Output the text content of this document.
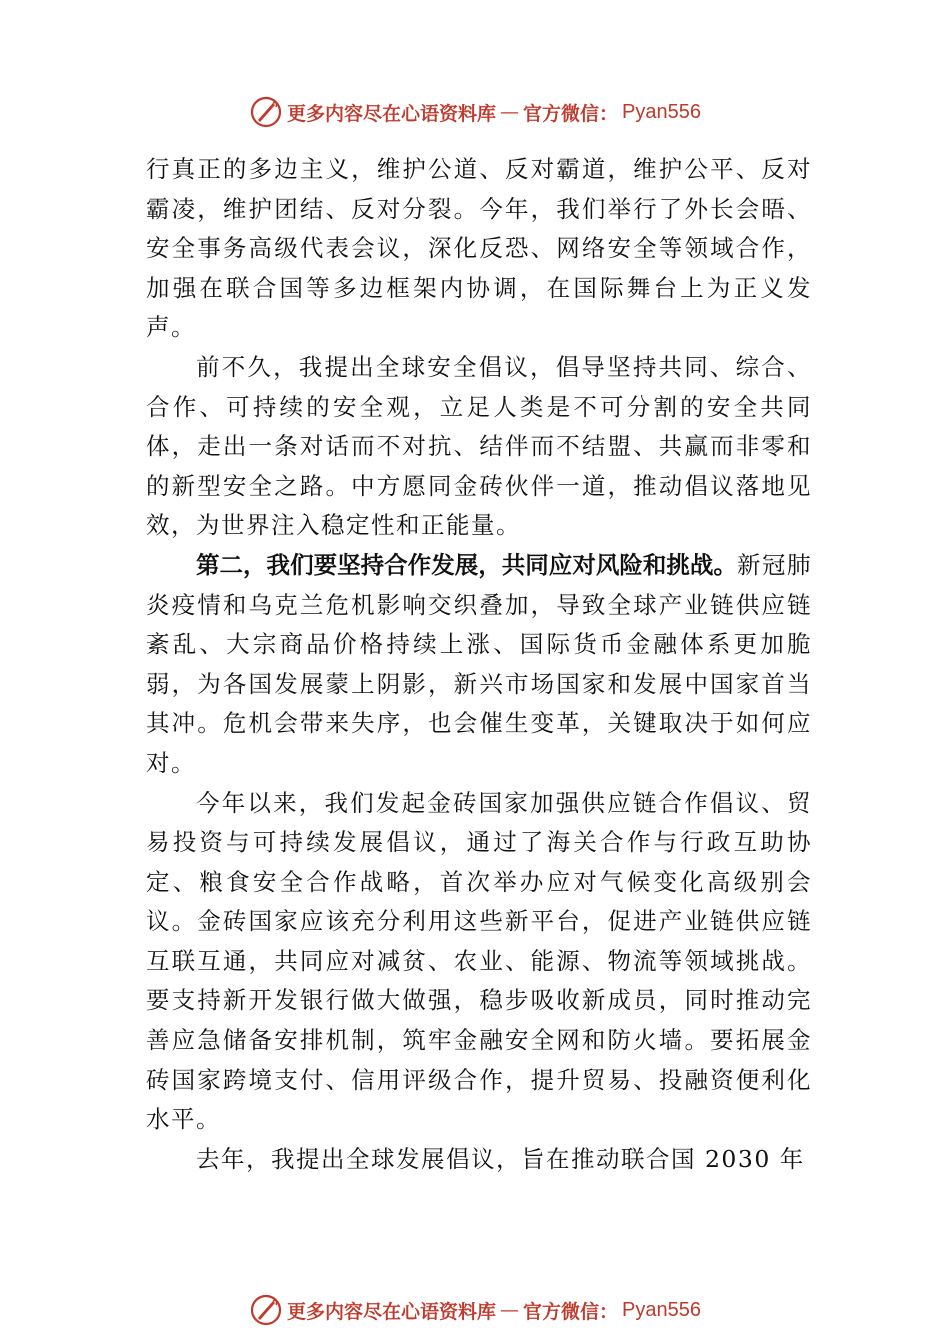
更多内容尽在心语资料库 — 官方微信： Pyan556

行真正的多边主义，维护公道、反对霸道，维护公平、反对霸凌，维护团结、反对分裂。今年，我们举行了外长会晤、安全事务高级代表会议，深化反恐、网络安全等领域合作，加强在联合国等多边框架内协调，在国际舞台上为正义发声。

前不久，我提出全球安全倡议，倡导坚持共同、综合、合作、可持续的安全观，立足人类是不可分割的安全共同体，走出一条对话而不对抗、结伴而不结盟、共赢而非零和的新型安全之路。中方愿同金砖伙伴一道，推动倡议落地见效，为世界注入稳定性和正能量。

第二，我们要坚持合作发展，共同应对风险和挑战。新冠肺炎疫情和乌克兰危机影响交织叠加，导致全球产业链供应链紊乱、大宗商品价格持续上涨、国际货币金融体系更加脆弱，为各国发展蒙上阴影，新兴市场国家和发展中国家首当其冲。危机会带来失序，也会催生变革，关键取决于如何应对。

今年以来，我们发起金砖国家加强供应链合作倡议、贸易投资与可持续发展倡议，通过了海关合作与行政互助协定、粮食安全合作战略，首次举办应对气候变化高级别会议。金砖国家应该充分利用这些新平台，促进产业链供应链互联互通，共同应对减贫、农业、能源、物流等领域挑战。要支持新开发银行做大做强，稳步吸收新成员，同时推动完善应急储备安排机制，筑牢金融安全网和防火墙。要拓展金砖国家跨境支付、信用评级合作，提升贸易、投融资便利化水平。

去年，我提出全球发展倡议，旨在推动联合国 2030 年

更多内容尽在心语资料库 — 官方微信： Pyan556
